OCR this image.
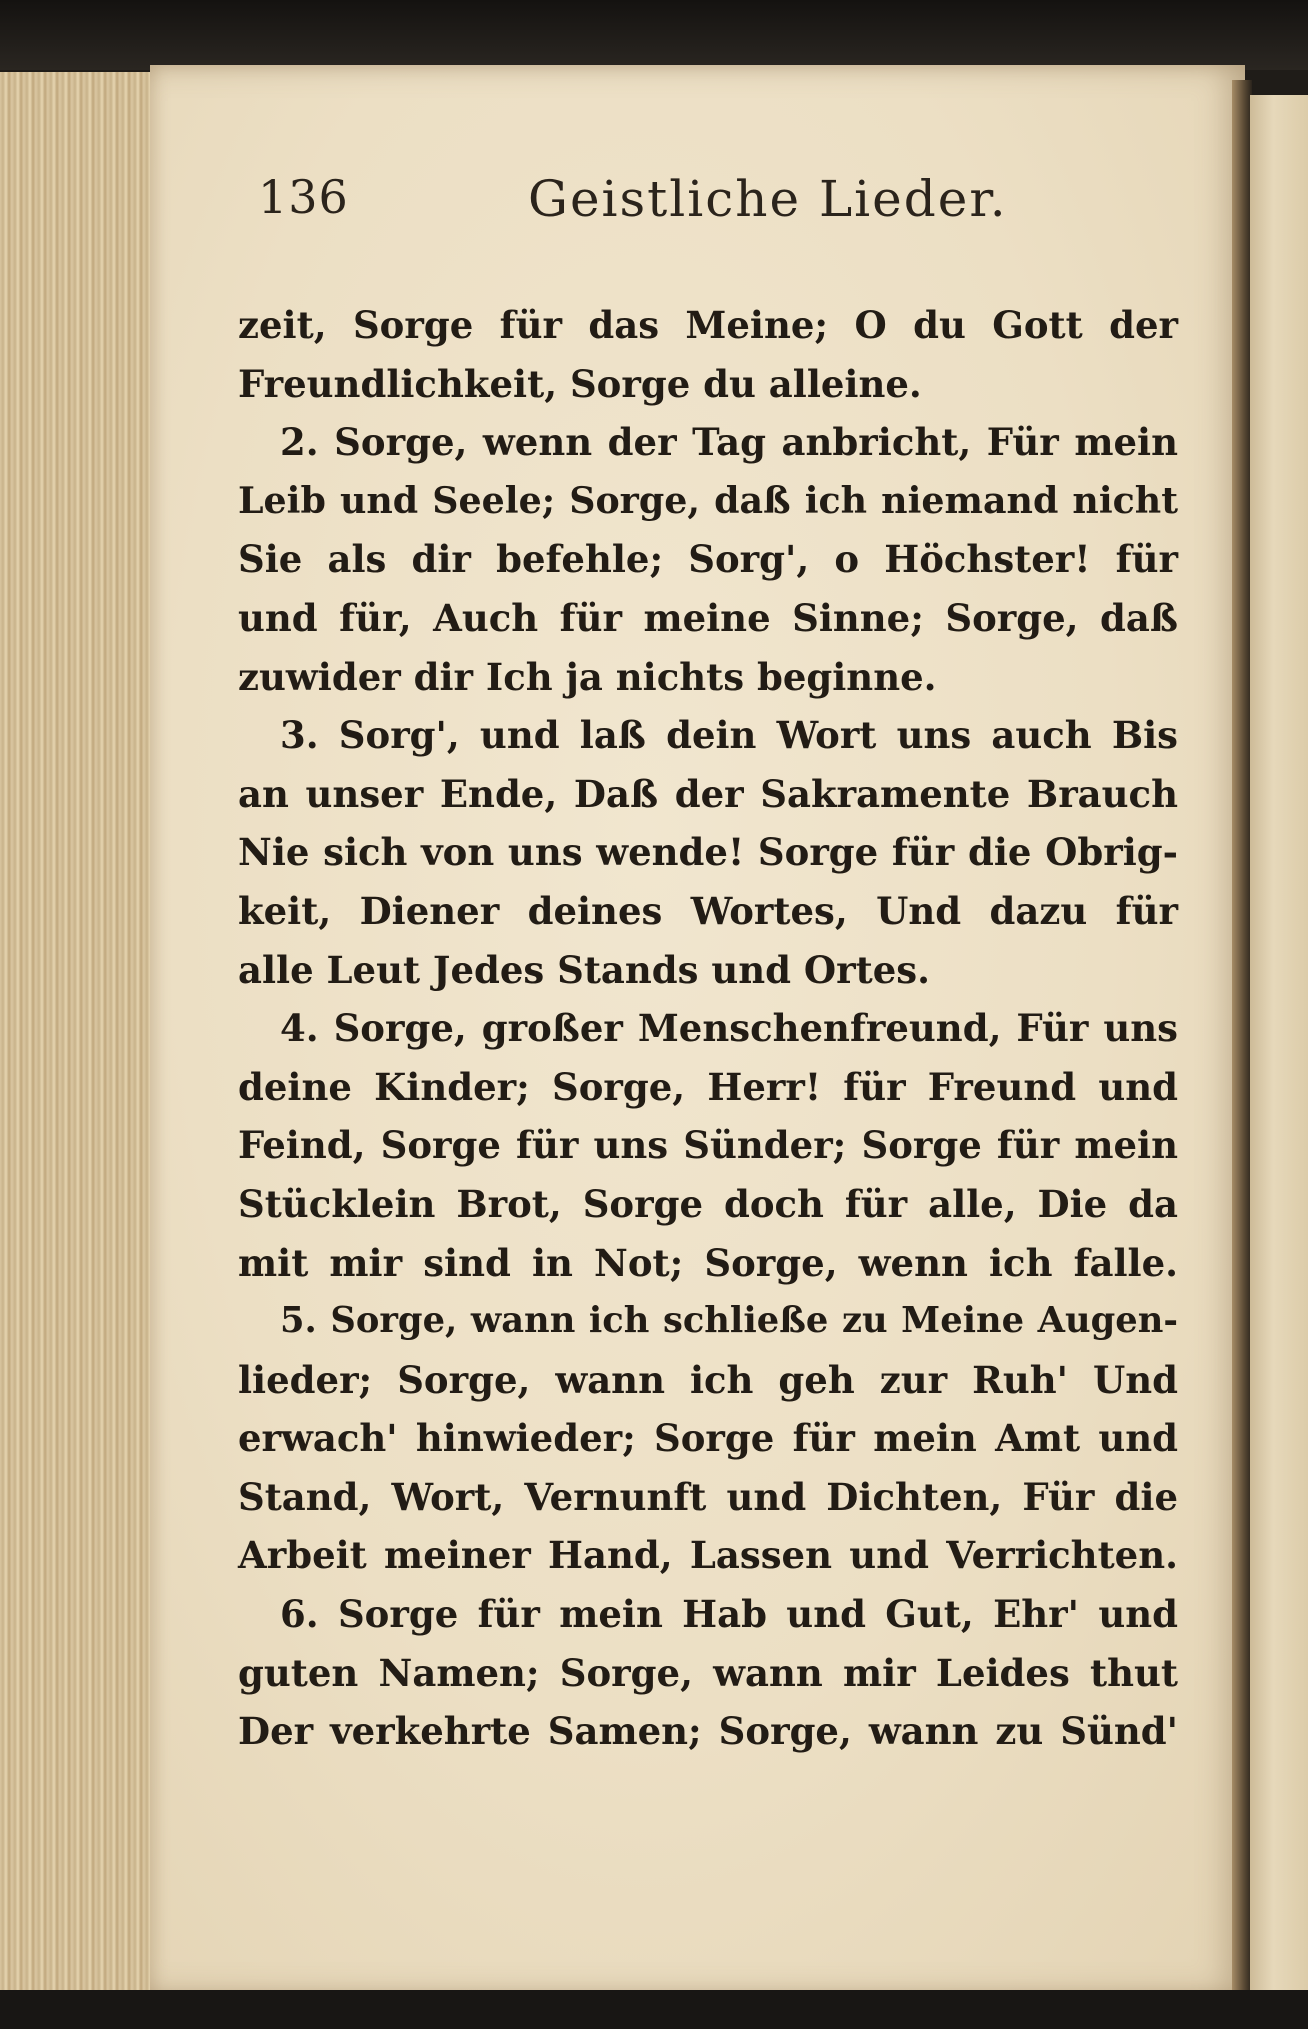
136	Geistliche Lieder.
zeit, Sorge für das Meine; O du Gott der
Freundlichkeit, Sorge du alleine.
2. Sorge, wenn der Tag anbricht, Für mein
Leib und Seele; Sorge, daß ich niemand nicht
Sie als dir befehle; Sorg', o Höchster! für
und für, Auch für meine Sinne; Sorge, daß
zuwider dir Ich ja nichts beginne.
3. Sorg', und laß dein Wort uns auch Bis
an unser Ende, Daß der Sakramente Brauch
Nie sich von uns wende! Sorge für die Obrig-
keit, Diener deines Wortes, Und dazu für
alle Leut Jedes Stands und Ortes.
4. Sorge, großer Menschenfreund, Für uns
deine Kinder; Sorge, Herr! für Freund und
Feind, Sorge für uns Sünder; Sorge für mein
Stücklein Brot, Sorge doch für alle, Die da
mit mir sind in Not; Sorge, wenn ich falle.
5. Sorge, wann ich schließe zu Meine Augen-
lieder; Sorge, wann ich geh zur Ruh' Und
erwach' hinwieder; Sorge für mein Amt und
Stand, Wort, Vernunft und Dichten, Für die
Arbeit meiner Hand, Lassen und Verrichten.
6. Sorge für mein Hab und Gut, Ehr' und
guten Namen; Sorge, wann mir Leides thut
Der verkehrte Samen; Sorge, wann zu Sünd'
